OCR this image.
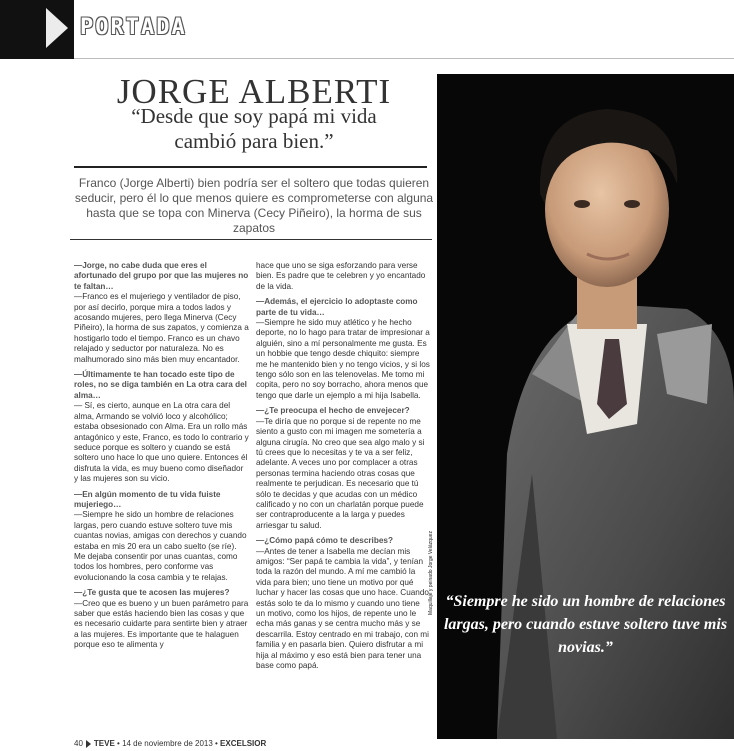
PORTADA
JORGE ALBERTI
“Desde que soy papá mi vida
cambió para bien.”
Franco (Jorge Alberti) bien podría ser el soltero que todas quieren seducir, pero él lo que menos quiere es comprometerse con alguna hasta que se topa con Minerva (Cecy Piñeiro), la horma de sus zapatos

—Jorge, no cabe duda que eres el afortunado del grupo por que las mujeres no te faltan…
—Franco es el mujeriego y ventilador de piso, por así decirlo, porque mira a todos lados y acosando mujeres, pero llega Minerva (Cecy Piñeiro), la horma de sus zapatos, y comienza a hostigarlo todo el tiempo. Franco es un chavo relajado y seductor por naturaleza. No es malhumorado sino más bien muy encantador.

—Últimamente te han tocado este tipo de roles, no se diga también en La otra cara del alma…
— Sí, es cierto, aunque en La otra cara del alma, Armando se volvió loco y alcohólico; estaba obsesionado con Alma. Era un rollo más antagónico y este, Franco, es todo lo contrario y seduce porque es soltero y cuando se está soltero uno hace lo que uno quiere. Entonces él disfruta la vida, es muy bueno como diseñador y las mujeres son su vicio.

—En algún momento de tu vida fuiste mujeriego…
—Siempre he sido un hombre de relaciones largas, pero cuando estuve soltero tuve mis cuantas novias, amigas con derechos y cuando estaba en mis 20 era un cabo suelto (se ríe). Me dejaba consentir por unas cuantas, como todos los hombres, pero conforme vas evolucionando la cosa cambia y te relajas.

—¿Te gusta que te acosen las mujeres?
—Creo que es bueno y un buen parámetro para saber que estás haciendo bien las cosas y que es necesario cuidarte para sentirte bien y atraer a las mujeres. Es importante que te halaguen porque eso te alimenta y

hace que uno se siga esforzando para verse bien. Es padre que te celebren y yo encantado de la vida.

—Además, el ejercicio lo adoptaste como parte de tu vida…
—Siempre he sido muy atlético y he hecho deporte, no lo hago para tratar de impresionar a alguién, sino a mí personalmente me gusta. Es un hobbie que tengo desde chiquito: siempre me he mantenido bien y no tengo vicios, y si los tengo sólo son en las telenovelas. Me tomo mi copita, pero no soy borracho, ahora menos que tengo que darle un ejemplo a mi hija Isabella.

—¿Te preocupa el hecho de envejecer?
—Te diría que no porque si de repente no me siento a gusto con mi imagen me sometería a alguna cirugía. No creo que sea algo malo y si tú crees que lo necesitas y te va a ser feliz, adelante. A veces uno por complacer a otras personas termina haciendo otras cosas que realmente te perjudican. Es necesario que tú sólo te decidas y que acudas con un médico calificado y no con un charlatán porque puede ser contraproducente a la larga y puedes arriesgar tu salud.

—¿Cómo papá cómo te describes?
—Antes de tener a Isabella me decían mis amigos: “Ser papá te cambia la vida”, y tenían toda la razón del mundo. A mí me cambió la vida para bien; uno tiene un motivo por qué luchar y hacer las cosas que uno hace. Cuando estás solo te da lo mismo y cuando uno tiene un motivo, como los hijos, de repente uno le echa más ganas y se centra mucho más y se descarrila. Estoy centrado en mi trabajo, con mi familia y en pasarla bien. Quiero disfrutar a mi hija al máximo y eso está bien para tener una base como papá.

“Siempre he sido un hombre de relaciones largas, pero cuando estuve soltero tuve mis novias.”
Maquillaje y peinado Jorge Velázquez
40 TEVE • 14 de noviembre de 2013 • EXCELSIOR
